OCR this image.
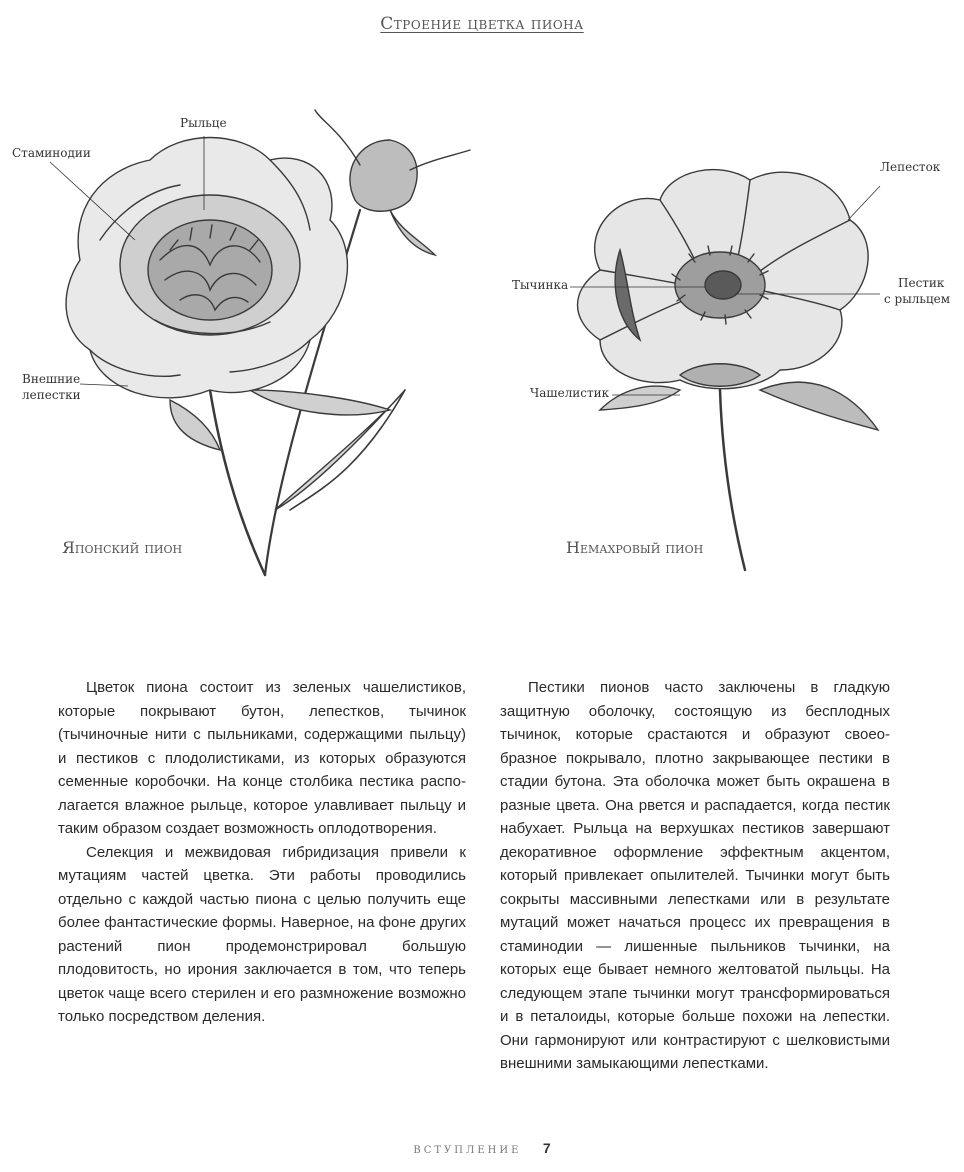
Строение цветка пиона
Рыльце
Стаминодии
Внешние
лепестки
Японский пион
Лепесток
Тычинка	Пестик
с рыльцем
Чашелистик
Немахровый пион

Цветок пиона состоит из зеленых чашелистиков, которые покрывают бутон, лепестков, тычинок (тычиночные нити с пыльниками, содержащими пыльцу) и пестиков с плодолистиками, из которых образуются семенные коробочки. На конце столбика пестика располагается влажное рыльце, которое улавливает пыльцу и таким образом создает возможность оплодотворения.

Селекция и межвидовая гибридизация привели к мутациям частей цветка. Эти работы проводились отдельно с каждой частью пиона с целью получить еще более фантастические формы. Наверное, на фоне других растений пион продемонстрировал большую плодовитость, но ирония заключается в том, что теперь цветок чаще всего стерилен и его размножение возможно только посредством деления.

Пестики пионов часто заключены в гладкую защитную оболочку, состоящую из бесплодных тычинок, которые срастаются и образуют своеобразное покрывало, плотно закрывающее пестики в стадии бутона. Эта оболочка может быть окрашена в разные цвета. Она рвется и распадается, когда пестик набухает. Рыльца на верхушках пестиков завершают декоративное оформление эффектным акцентом, который привлекает опылителей. Тычинки могут быть сокрыты массивными лепестками или в результате мутаций может начаться процесс их превращения в стаминодии — лишенные пыльников тычинки, на которых еще бывает немного желтоватой пыльцы. На следующем этапе тычинки могут трансформироваться и в петалоиды, которые больше похожи на лепестки. Они гармонируют или контрастируют с шелковистыми внешними замыкающими лепестками.

вступление 7
